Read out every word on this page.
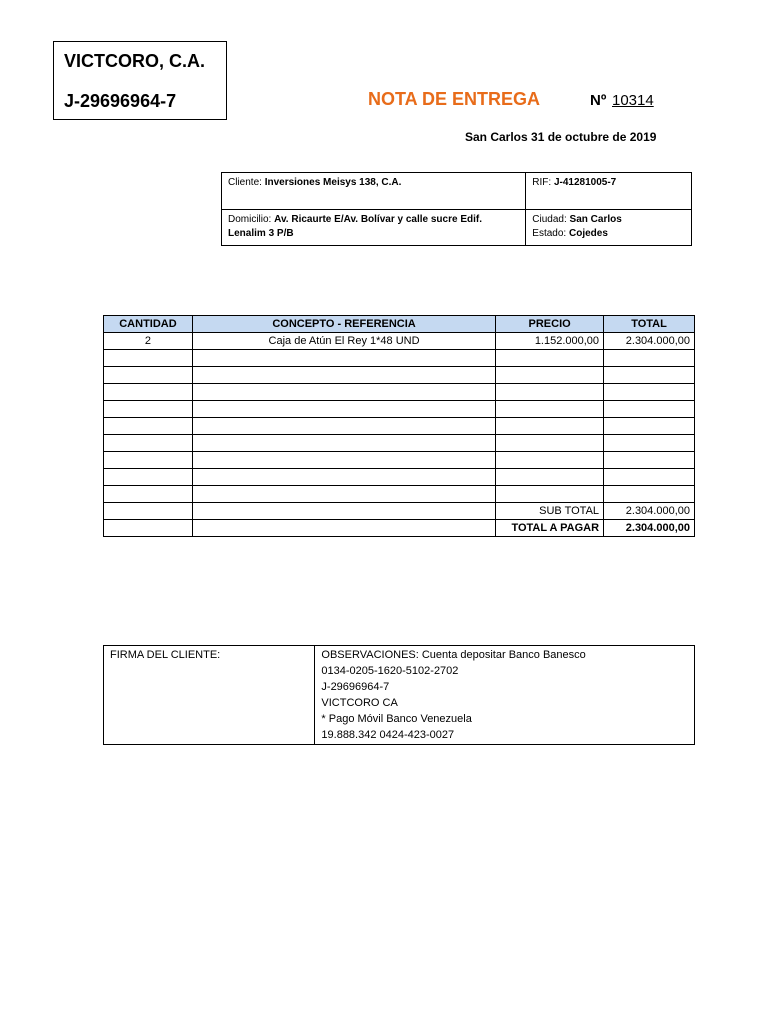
VICTCORO, C.A.
J-29696964-7	NOTA DE ENTREGA	Nº 10314
San Carlos 31 de octubre de 2019
Cliente: Inversiones Meisys 138, C.A.	RIF: J-41281005-7
Domicilio: Av. Ricaurte E/Av. Bolívar y calle sucre Edif. Lenalim 3 P/B	Ciudad: San Carlos
Estado: Cojedes
CANTIDAD	CONCEPTO - REFERENCIA	PRECIO	TOTAL
2	Caja de Atún El Rey 1*48 UND	1.152.000,00	2.304.000,00

		SUB TOTAL	2.304.000,00
		TOTAL A PAGAR	2.304.000,00
FIRMA DEL CLIENTE:	OBSERVACIONES: Cuenta depositar Banco Banesco
0134-0205-1620-5102-2702
J-29696964-7
VICTCORO CA
* Pago Móvil Banco Venezuela
19.888.342 0424-423-0027
